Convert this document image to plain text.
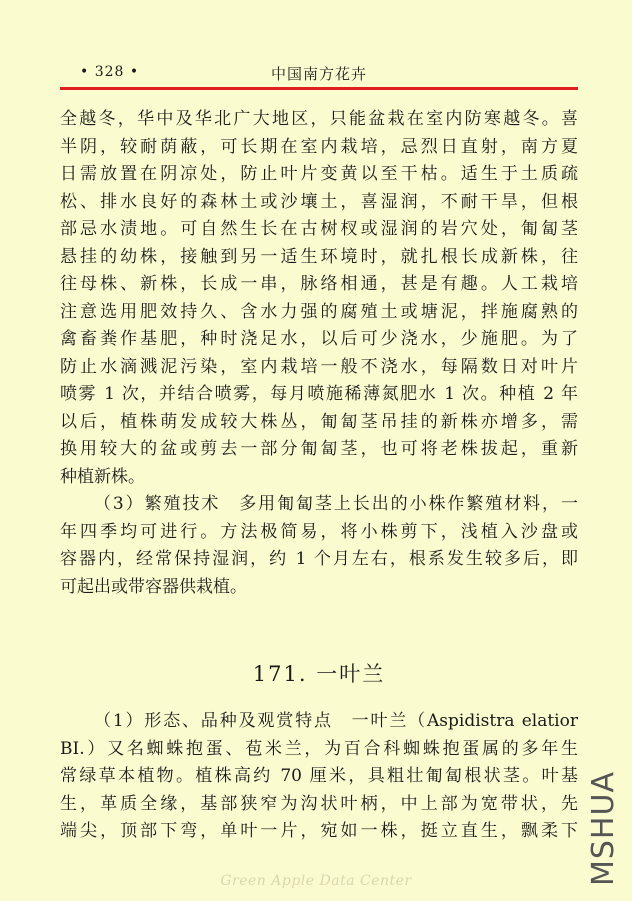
• 328 •	中国南方花卉
全越冬，华中及华北广大地区，只能盆栽在室内防寒越冬。喜
半阴，较耐荫蔽，可长期在室内栽培，忌烈日直射，南方夏
日需放置在阴凉处，防止叶片变黄以至干枯。适生于土质疏
松、排水良好的森林土或沙壤土，喜湿润，不耐干旱，但根
部忌水渍地。可自然生长在古树杈或湿润的岩穴处，匍匐茎
悬挂的幼株，接触到另一适生环境时，就扎根长成新株，往
往母株、新株，长成一串，脉络相通，甚是有趣。人工栽培
注意选用肥效持久、含水力强的腐殖土或塘泥，拌施腐熟的
禽畜粪作基肥，种时浇足水，以后可少浇水，少施肥。为了
防止水滴溅泥污染，室内栽培一般不浇水，每隔数日对叶片
喷雾 1 次，并结合喷雾，每月喷施稀薄氮肥水 1 次。种植 2 年
以后，植株萌发成较大株丛，匍匐茎吊挂的新株亦增多，需
换用较大的盆或剪去一部分匍匐茎，也可将老株拔起，重新
种植新株。
（3）繁殖技术　多用匍匐茎上长出的小株作繁殖材料，一
年四季均可进行。方法极简易，将小株剪下，浅植入沙盘或
容器内，经常保持湿润，约 1 个月左右，根系发生较多后，即
可起出或带容器供栽植。
171. 一叶兰
（1）形态、品种及观赏特点　一叶兰（Aspidistra elatior
BI.）又名蜘蛛抱蛋、苞米兰，为百合科蜘蛛抱蛋属的多年生
常绿草本植物。植株高约 70 厘米，具粗壮匍匐根状茎。叶基
生，革质全缘，基部狭窄为沟状叶柄，中上部为宽带状，先
端尖，顶部下弯，单叶一片，宛如一株，挺立直生，飘柔下
Green Apple Data Center	MSHUA
